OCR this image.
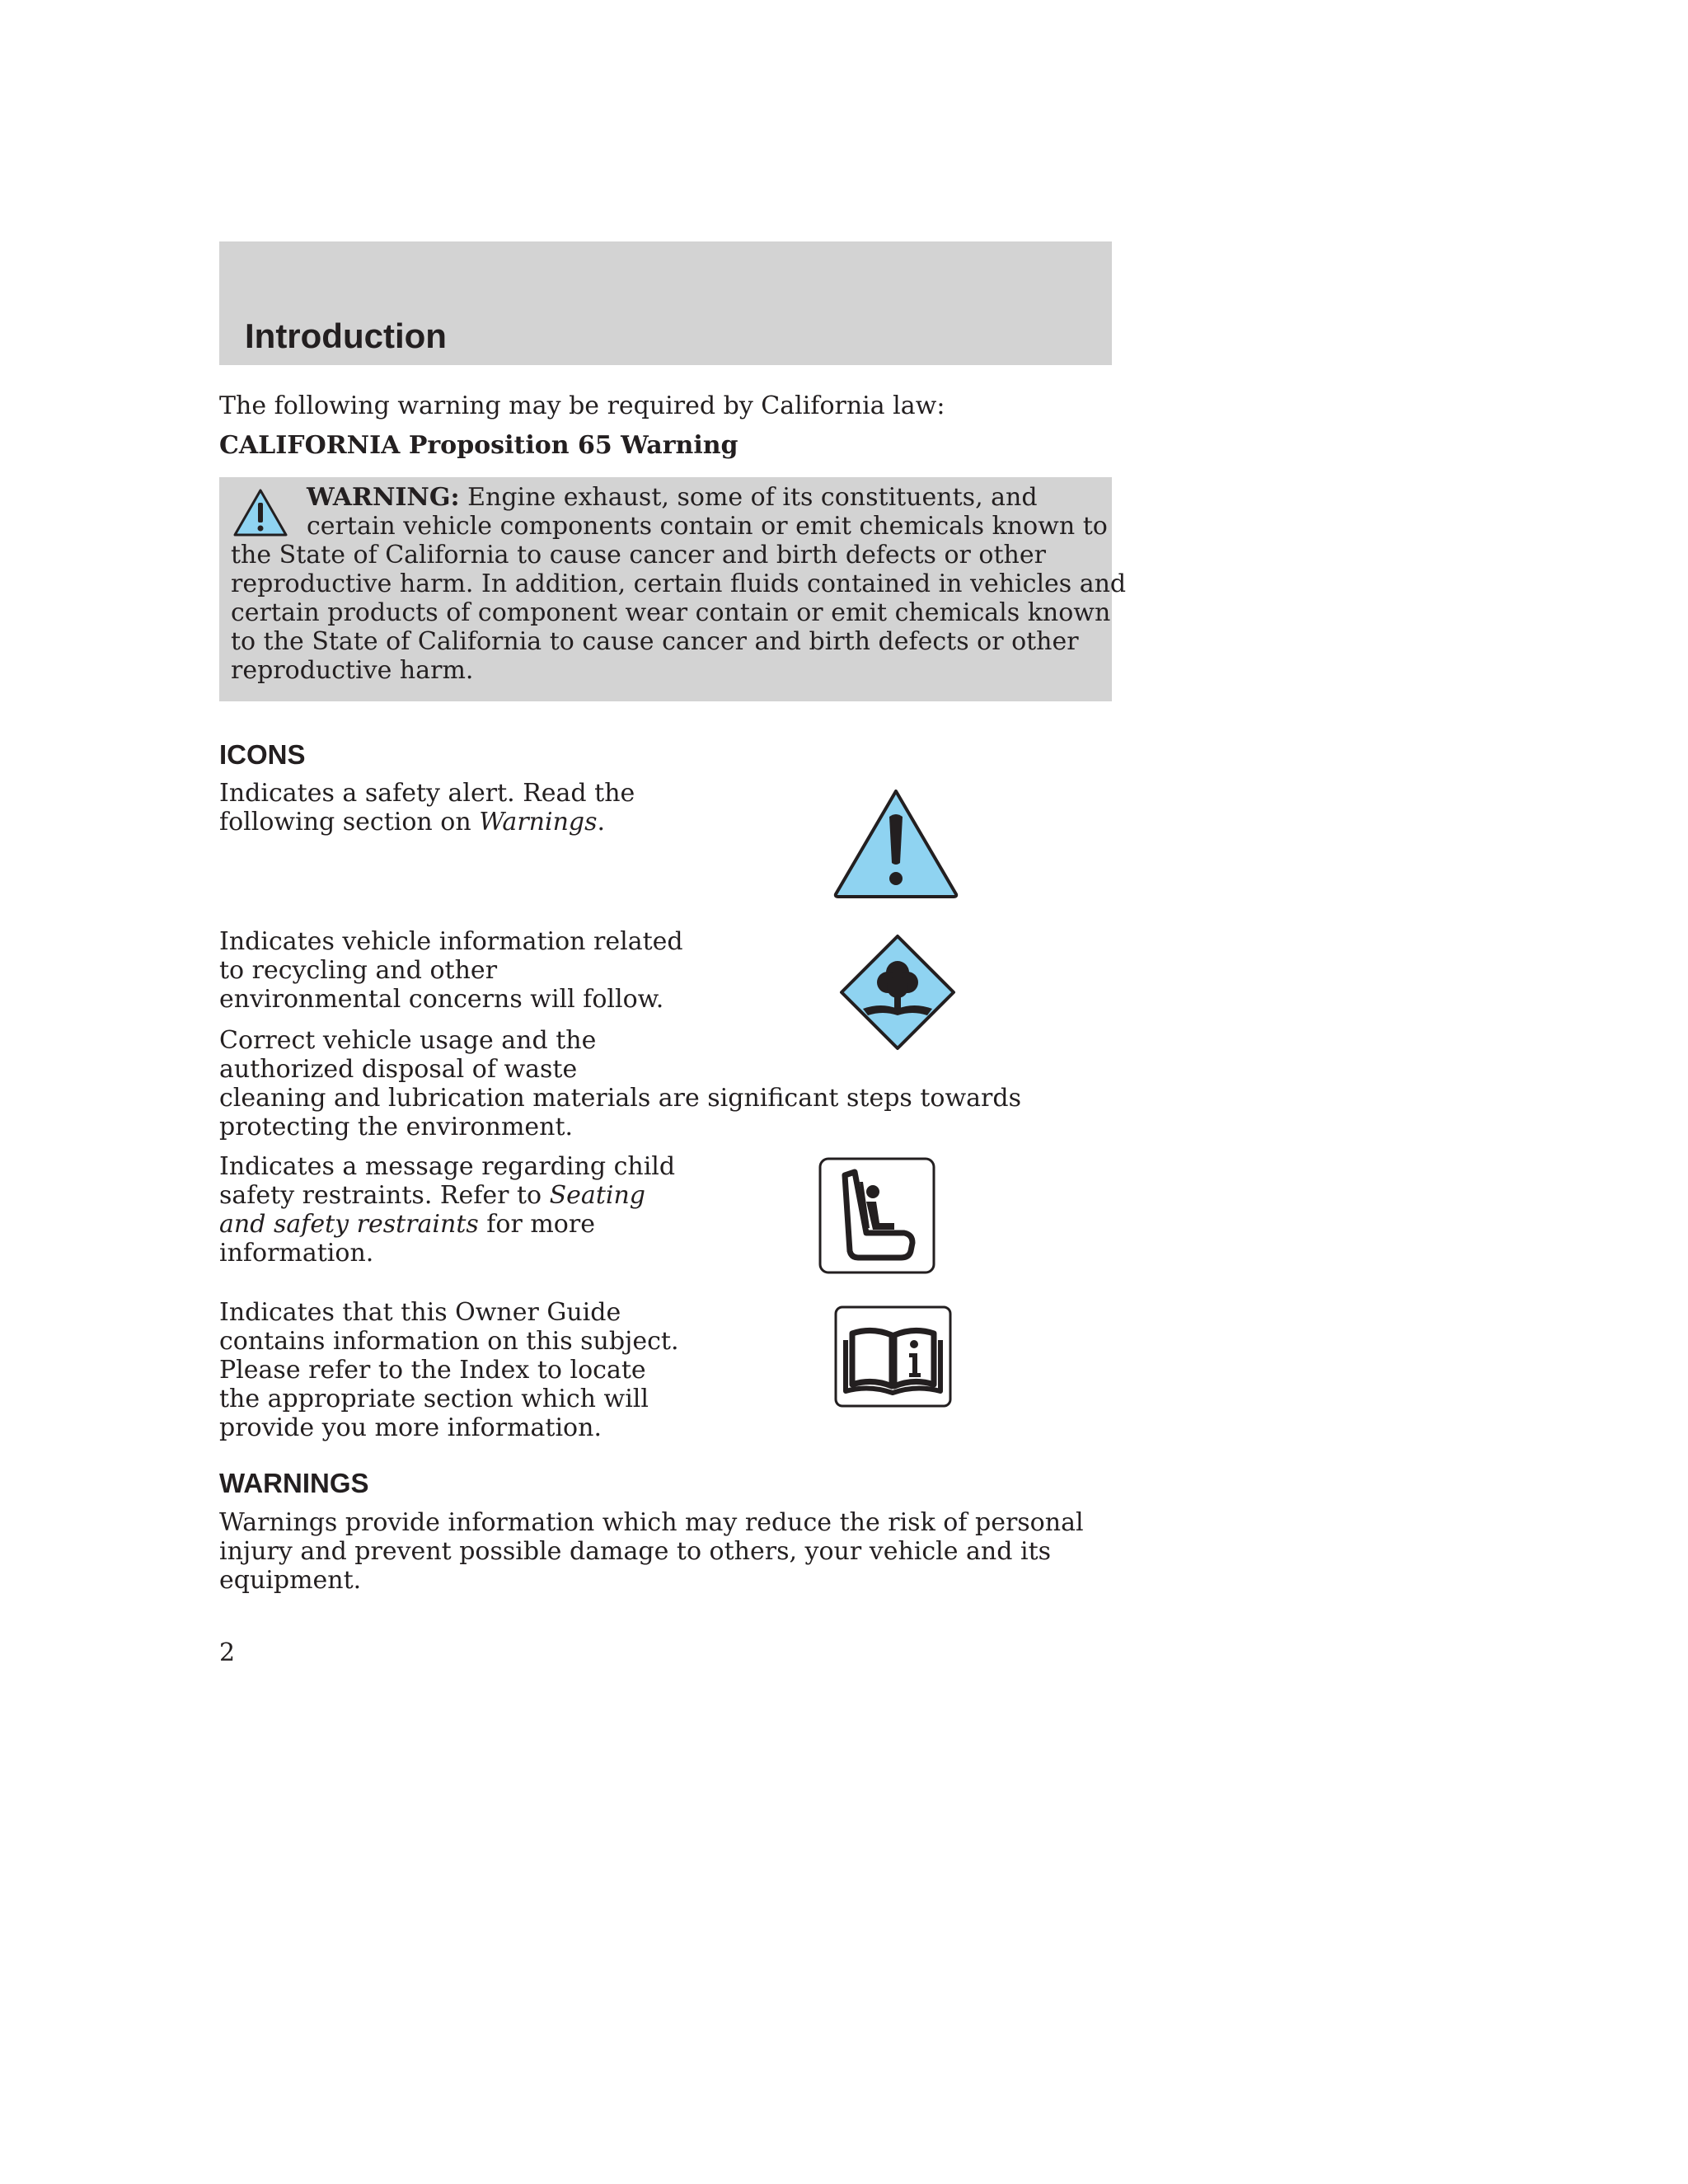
Introduction
The following warning may be required by California law:
CALIFORNIA Proposition 65 Warning
WARNING: Engine exhaust, some of its constituents, and
certain vehicle components contain or emit chemicals known to
the State of California to cause cancer and birth defects or other
reproductive harm. In addition, certain fluids contained in vehicles and
certain products of component wear contain or emit chemicals known
to the State of California to cause cancer and birth defects or other
reproductive harm.
ICONS
Indicates a safety alert. Read the
following section on Warnings.
Indicates vehicle information related
to recycling and other
environmental concerns will follow.
Correct vehicle usage and the
authorized disposal of waste
cleaning and lubrication materials are significant steps towards
protecting the environment.
Indicates a message regarding child
safety restraints. Refer to Seating
and safety restraints for more
information.
Indicates that this Owner Guide
contains information on this subject.
Please refer to the Index to locate
the appropriate section which will
provide you more information.
WARNINGS
Warnings provide information which may reduce the risk of personal
injury and prevent possible damage to others, your vehicle and its
equipment.
2
